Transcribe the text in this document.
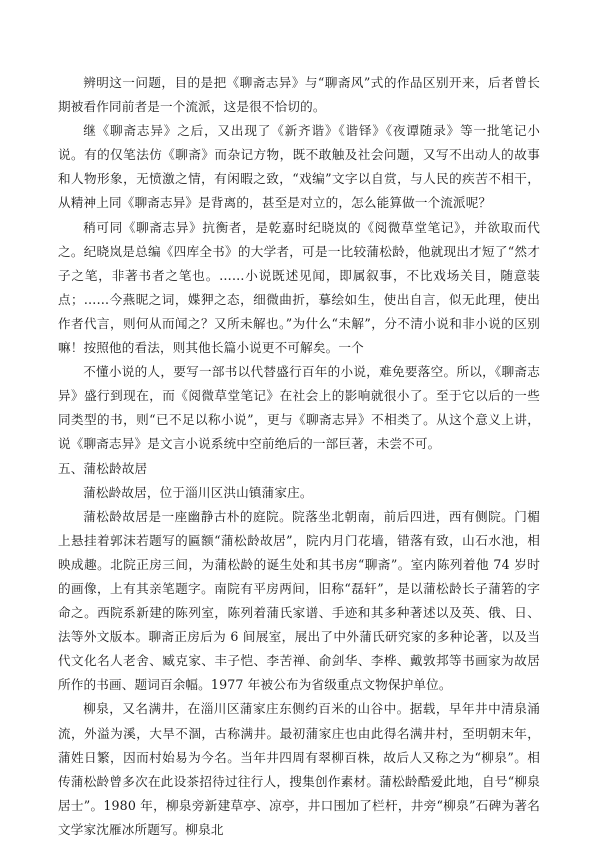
辨明这一问题，目的是把《聊斋志异》与“聊斋风”式的作品区别开来，后者曾长期被看作同前者是一个流派，这是很不恰切的。

继《聊斋志异》之后，又出现了《新齐谐》《谐铎》《夜谭随录》等一批笔记小说。有的仅笔法仿《聊斋》而杂记方物，既不敢触及社会问题，又写不出动人的故事和人物形象，无愤激之情，有闲暇之致，“戏编”文字以自赏，与人民的疾苦不相干，从精神上同《聊斋志异》是背离的，甚至是对立的，怎么能算做一个流派呢？

稍可同《聊斋志异》抗衡者，是乾嘉时纪晓岚的《阅微草堂笔记》，并欲取而代之。纪晓岚是总编《四库全书》的大学者，可是一比较蒲松龄，他就现出才短了“然才子之笔，非著书者之笔也。……小说既述见闻，即属叙事，不比戏场关目，随意装点；……今燕昵之词，媟狎之态，细微曲折，摹绘如生，使出自言，似无此理，使出作者代言，则何从而闻之？又所未解也。”为什么“未解”，分不清小说和非小说的区别嘛！按照他的看法，则其他长篇小说更不可解矣。一个

不懂小说的人，要写一部书以代替盛行百年的小说，难免要落空。所以，《聊斋志异》盛行到现在，而《阅微草堂笔记》在社会上的影响就很小了。至于它以后的一些同类型的书，则“已不足以称小说”，更与《聊斋志异》不相类了。从这个意义上讲，说《聊斋志异》是文言小说系统中空前绝后的一部巨著，未尝不可。

五、蒲松龄故居

蒲松龄故居，位于淄川区洪山镇蒲家庄。

蒲松龄故居是一座幽静古朴的庭院。院落坐北朝南，前后四进，西有侧院。门楣上悬挂着郭沫若题写的匾额“蒲松龄故居”，院内月门花墙，错落有致，山石水池，相映成趣。北院正房三间，为蒲松龄的诞生处和其书房“聊斋”。室内陈列着他 74 岁时的画像，上有其亲笔题字。南院有平房两间，旧称“磊轩”，是以蒲松龄长子蒲箬的字命之。西院系新建的陈列室，陈列着蒲氏家谱、手迹和其多种著述以及英、俄、日、法等外文版本。聊斋正房后为 6 间展室，展出了中外蒲氏研究家的多种论著，以及当代文化名人老舍、臧克家、丰子恺、李苦禅、俞剑华、李桦、戴敦邦等书画家为故居所作的书画、题词百余幅。1977 年被公布为省级重点文物保护单位。

柳泉，又名满井，在淄川区蒲家庄东侧约百米的山谷中。据载，早年井中清泉涌流，外溢为溪，大旱不涸，古称满井。最初蒲家庄也由此得名满井村，至明朝末年，蒲姓日繁，因而村始易为今名。当年井四周有翠柳百株，故后人又称之为“柳泉”。相传蒲松龄曾多次在此设茶招待过往行人，搜集创作素材。蒲松龄酷爱此地，自号“柳泉居士”。1980 年，柳泉旁新建草亭、凉亭，井口围加了栏杆，井旁“柳泉”石碑为著名文学家沈雁冰所题写。柳泉北
